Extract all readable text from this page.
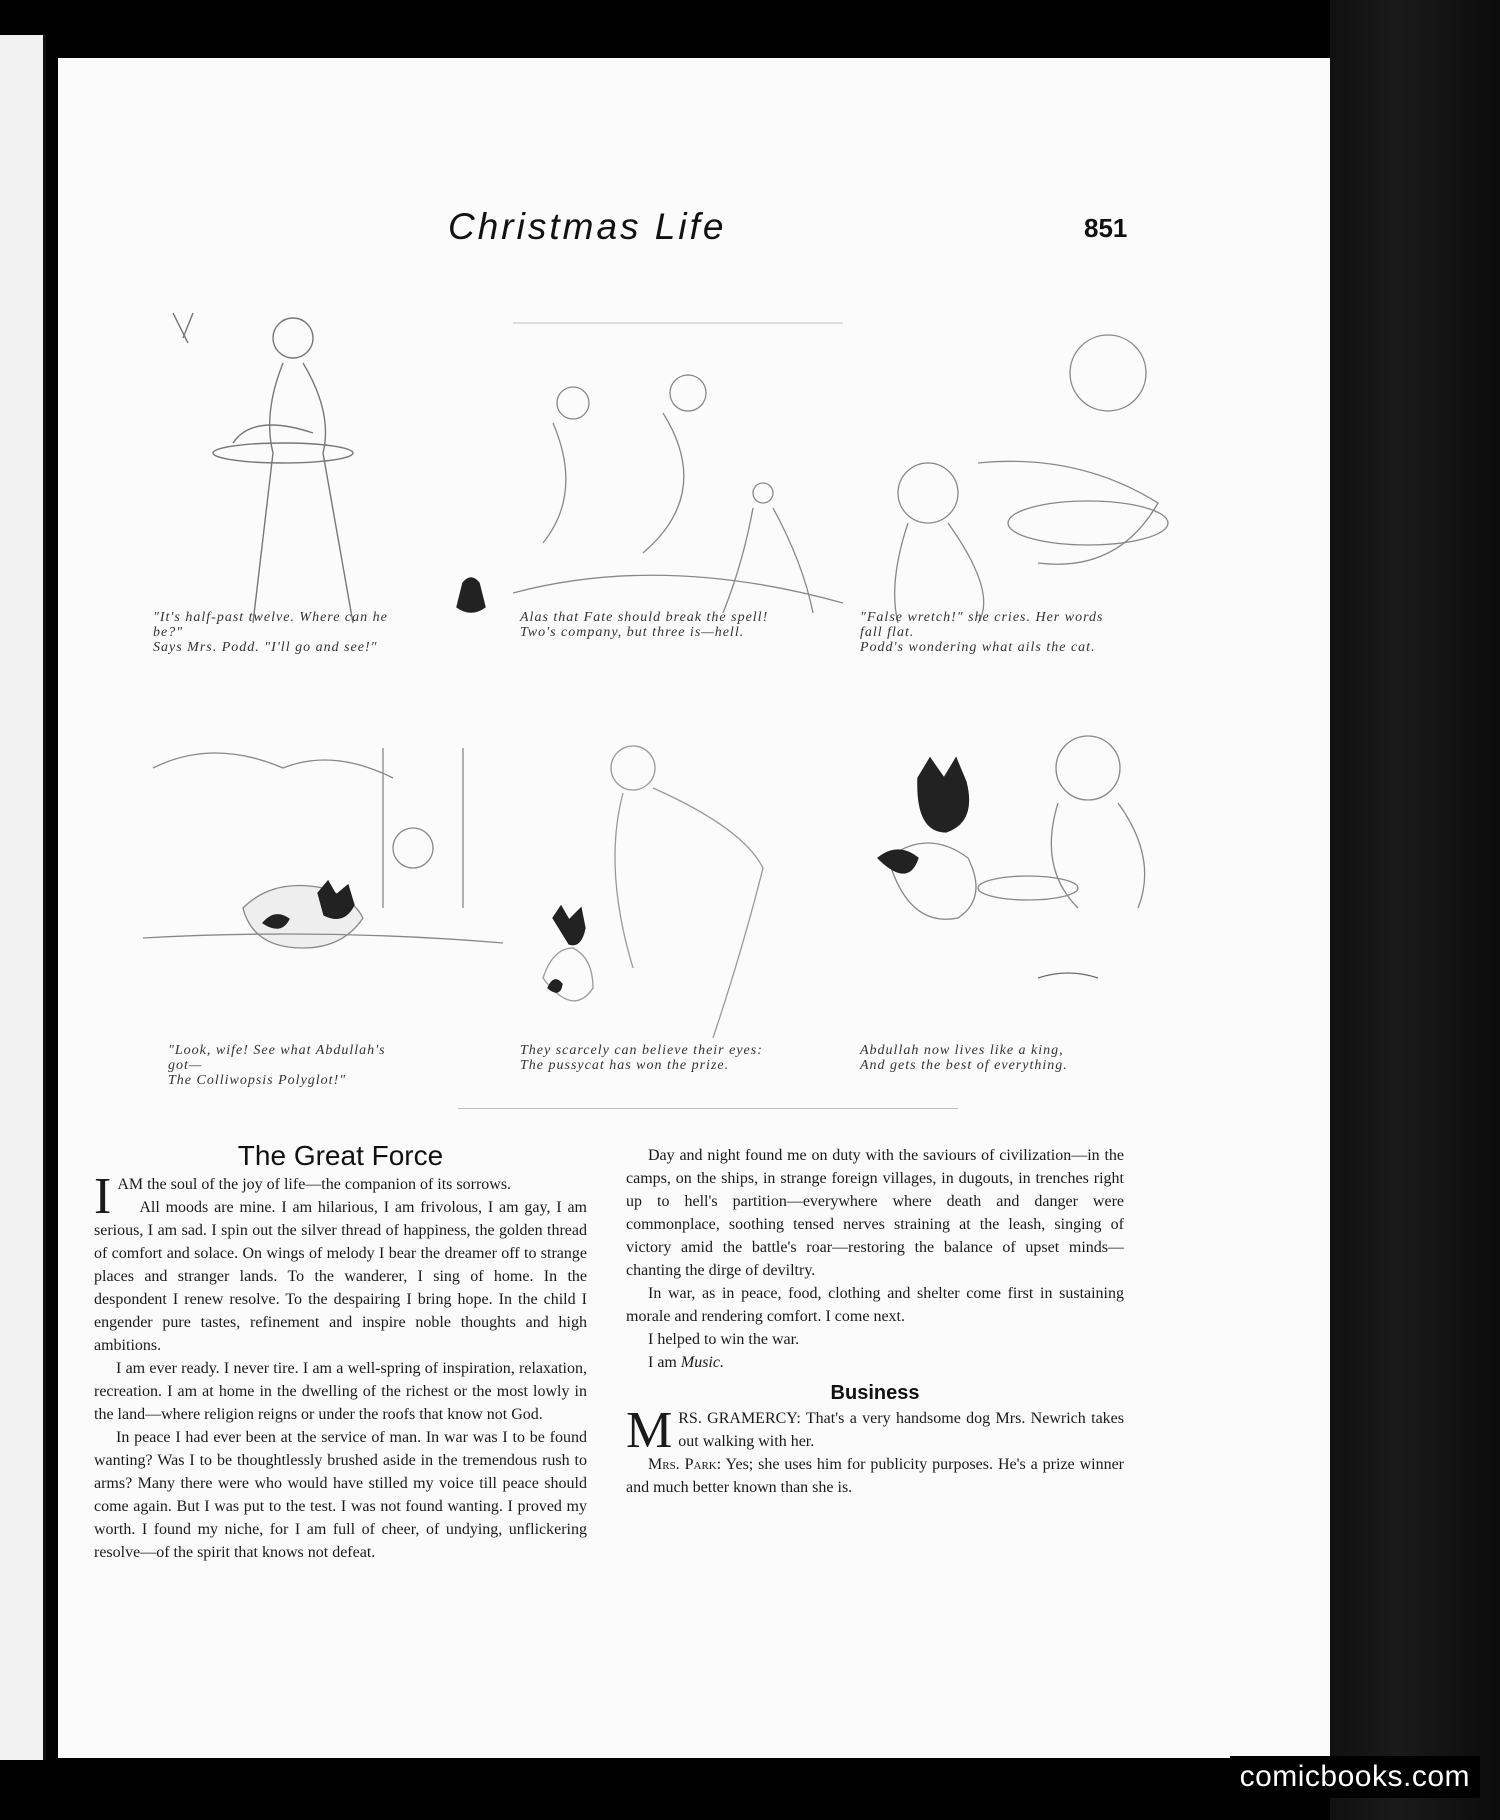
Christmas Life	851
"It's half-past twelve. Where can he
be?"
Says Mrs. Podd. "I'll go and see!"
Alas that Fate should break the spell!
Two's company, but three is—hell.
"False wretch!" she cries. Her words
fall flat.
Podd's wondering what ails the cat.
"Look, wife! See what Abdullah's
got—
The Colliwopsis Polyglot!"
They scarcely can believe their eyes:
The pussycat has won the prize.
Abdullah now lives like a king,
And gets the best of everything.
The Great Force

IAM the soul of the joy of life—the companion of its sorrows.

All moods are mine. I am hilarious, I am frivolous, I am gay, I am serious, I am sad. I spin out the silver thread of happiness, the golden thread of comfort and solace. On wings of melody I bear the dreamer off to strange places and stranger lands. To the wanderer, I sing of home. In the despondent I renew resolve. To the despairing I bring hope. In the child I engender pure tastes, refinement and inspire noble thoughts and high ambitions.

I am ever ready. I never tire. I am a well-spring of inspiration, relaxation, recreation. I am at home in the dwelling of the richest or the most lowly in the land—where religion reigns or under the roofs that know not God.

In peace I had ever been at the service of man. In war was I to be found wanting? Was I to be thoughtlessly brushed aside in the tremendous rush to arms? Many there were who would have stilled my voice till peace should come again. But I was put to the test. I was not found wanting. I proved my worth. I found my niche, for I am full of cheer, of undying, unflickering resolve—of the spirit that knows not defeat.

Day and night found me on duty with the saviours of civilization—in the camps, on the ships, in strange foreign villages, in dugouts, in trenches right up to hell's partition—everywhere where death and danger were commonplace, soothing tensed nerves straining at the leash, singing of victory amid the battle's roar—restoring the balance of upset minds—chanting the dirge of deviltry.

In war, as in peace, food, clothing and shelter come first in sustaining morale and rendering comfort. I come next.

I helped to win the war.

I am Music.

Business

MRS. GRAMERCY: That's a very handsome dog Mrs. Newrich takes out walking with her.

Mrs. Park: Yes; she uses him for publicity purposes. He's a prize winner and much better known than she is.

comicbooks.com
